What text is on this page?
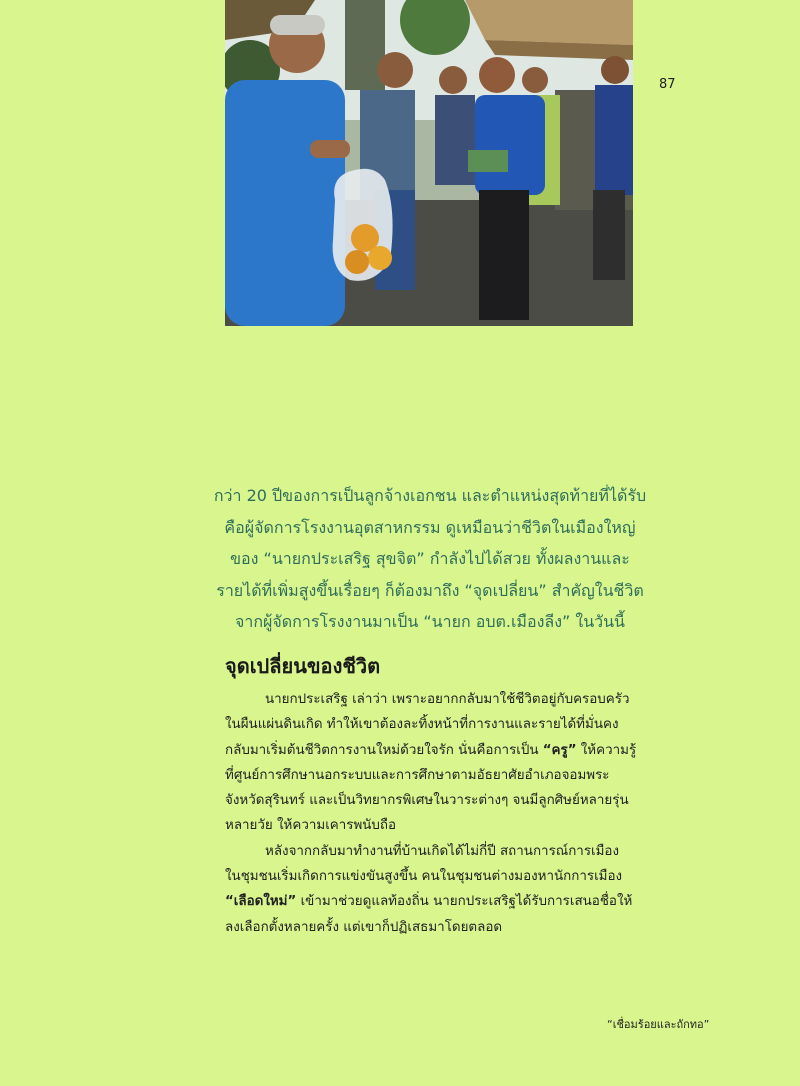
87

กว่า 20 ปีของการเป็นลูกจ้างเอกชน และตำแหน่งสุดท้ายที่ได้รับ

คือผู้จัดการโรงงานอุตสาหกรรม ดูเหมือนว่าชีวิตในเมืองใหญ่

ของ “นายกประเสริฐ สุขจิต” กำลังไปได้สวย ทั้งผลงานและ

รายได้ที่เพิ่มสูงขึ้นเรื่อยๆ ก็ต้องมาถึง “จุดเปลี่ยน” สำคัญในชีวิต

จากผู้จัดการโรงงานมาเป็น “นายก อบต.เมืองลีง” ในวันนี้

จุดเปลี่ยนของชีวิต

นายกประเสริฐ เล่าว่า เพราะอยากกลับมาใช้ชีวิตอยู่กับครอบครัว

ในผืนแผ่นดินเกิด ทำให้เขาต้องละทิ้งหน้าที่การงานและรายได้ที่มั่นคง

กลับมาเริ่มต้นชีวิตการงานใหม่ด้วยใจรัก นั่นคือการเป็น “ครู” ให้ความรู้

ที่ศูนย์การศึกษานอกระบบและการศึกษาตามอัธยาศัยอำเภอจอมพระ

จังหวัดสุรินทร์ และเป็นวิทยากรพิเศษในวาระต่างๆ จนมีลูกศิษย์หลายรุ่น

หลายวัย ให้ความเคารพนับถือ

หลังจากกลับมาทำงานที่บ้านเกิดได้ไม่กี่ปี สถานการณ์การเมือง

ในชุมชนเริ่มเกิดการแข่งขันสูงขึ้น คนในชุมชนต่างมองหานักการเมือง

“เลือดใหม่” เข้ามาช่วยดูแลท้องถิ่น นายกประเสริฐได้รับการเสนอชื่อให้

ลงเลือกตั้งหลายครั้ง แต่เขาก็ปฏิเสธมาโดยตลอด

“เชื่อมร้อยและถักทอ”
